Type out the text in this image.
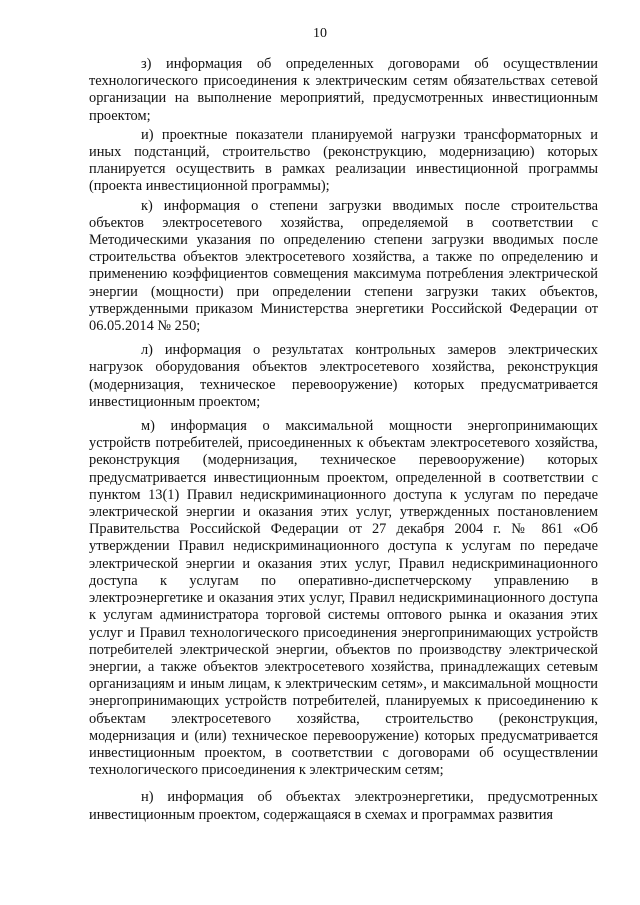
10

з) информация об определенных договорами об осуществлении технологического присоединения к электрическим сетям обязательствах сетевой организации на выполнение мероприятий, предусмотренных инвестиционным проектом;

и) проектные показатели планируемой нагрузки трансформаторных и иных подстанций, строительство (реконструкцию, модернизацию) которых планируется осуществить в рамках реализации инвестиционной программы (проекта инвестиционной программы);

к) информация о степени загрузки вводимых после строительства объектов электросетевого хозяйства, определяемой в соответствии с Методическими указания по определению степени загрузки вводимых после строительства объектов электросетевого хозяйства, а также по определению и применению коэффициентов совмещения максимума потребления электрической энергии (мощности) при определении степени загрузки таких объектов, утвержденными приказом Министерства энергетики Российской Федерации от 06.05.2014 № 250;

л) информация о результатах контрольных замеров электрических нагрузок оборудования объектов электросетевого хозяйства, реконструкция (модернизация, техническое перевооружение) которых предусматривается инвестиционным проектом;

м) информация о максимальной мощности энергопринимающих устройств потребителей, присоединенных к объектам электросетевого хозяйства, реконструкция (модернизация, техническое перевооружение) которых предусматривается инвестиционным проектом, определенной в соответствии с пунктом 13(1) Правил недискриминационного доступа к услугам по передаче электрической энергии и оказания этих услуг, утвержденных постановлением Правительства Российской Федерации от 27 декабря 2004 г. № 861 «Об утверждении Правил недискриминационного доступа к услугам по передаче электрической энергии и оказания этих услуг, Правил недискриминационного доступа к услугам по оперативно-диспетчерскому управлению в электроэнергетике и оказания этих услуг, Правил недискриминационного доступа к услугам администратора торговой системы оптового рынка и оказания этих услуг и Правил технологического присоединения энергопринимающих устройств потребителей электрической энергии, объектов по производству электрической энергии, а также объектов электросетевого хозяйства, принадлежащих сетевым организациям и иным лицам, к электрическим сетям», и максимальной мощности энергопринимающих устройств потребителей, планируемых к присоединению к объектам электросетевого хозяйства, строительство (реконструкция, модернизация и (или) техническое перевооружение) которых предусматривается инвестиционным проектом, в соответствии с договорами об осуществлении технологического присоединения к электрическим сетям;

н) информация об объектах электроэнергетики, предусмотренных инвестиционным проектом, содержащаяся в схемах и программах развития
